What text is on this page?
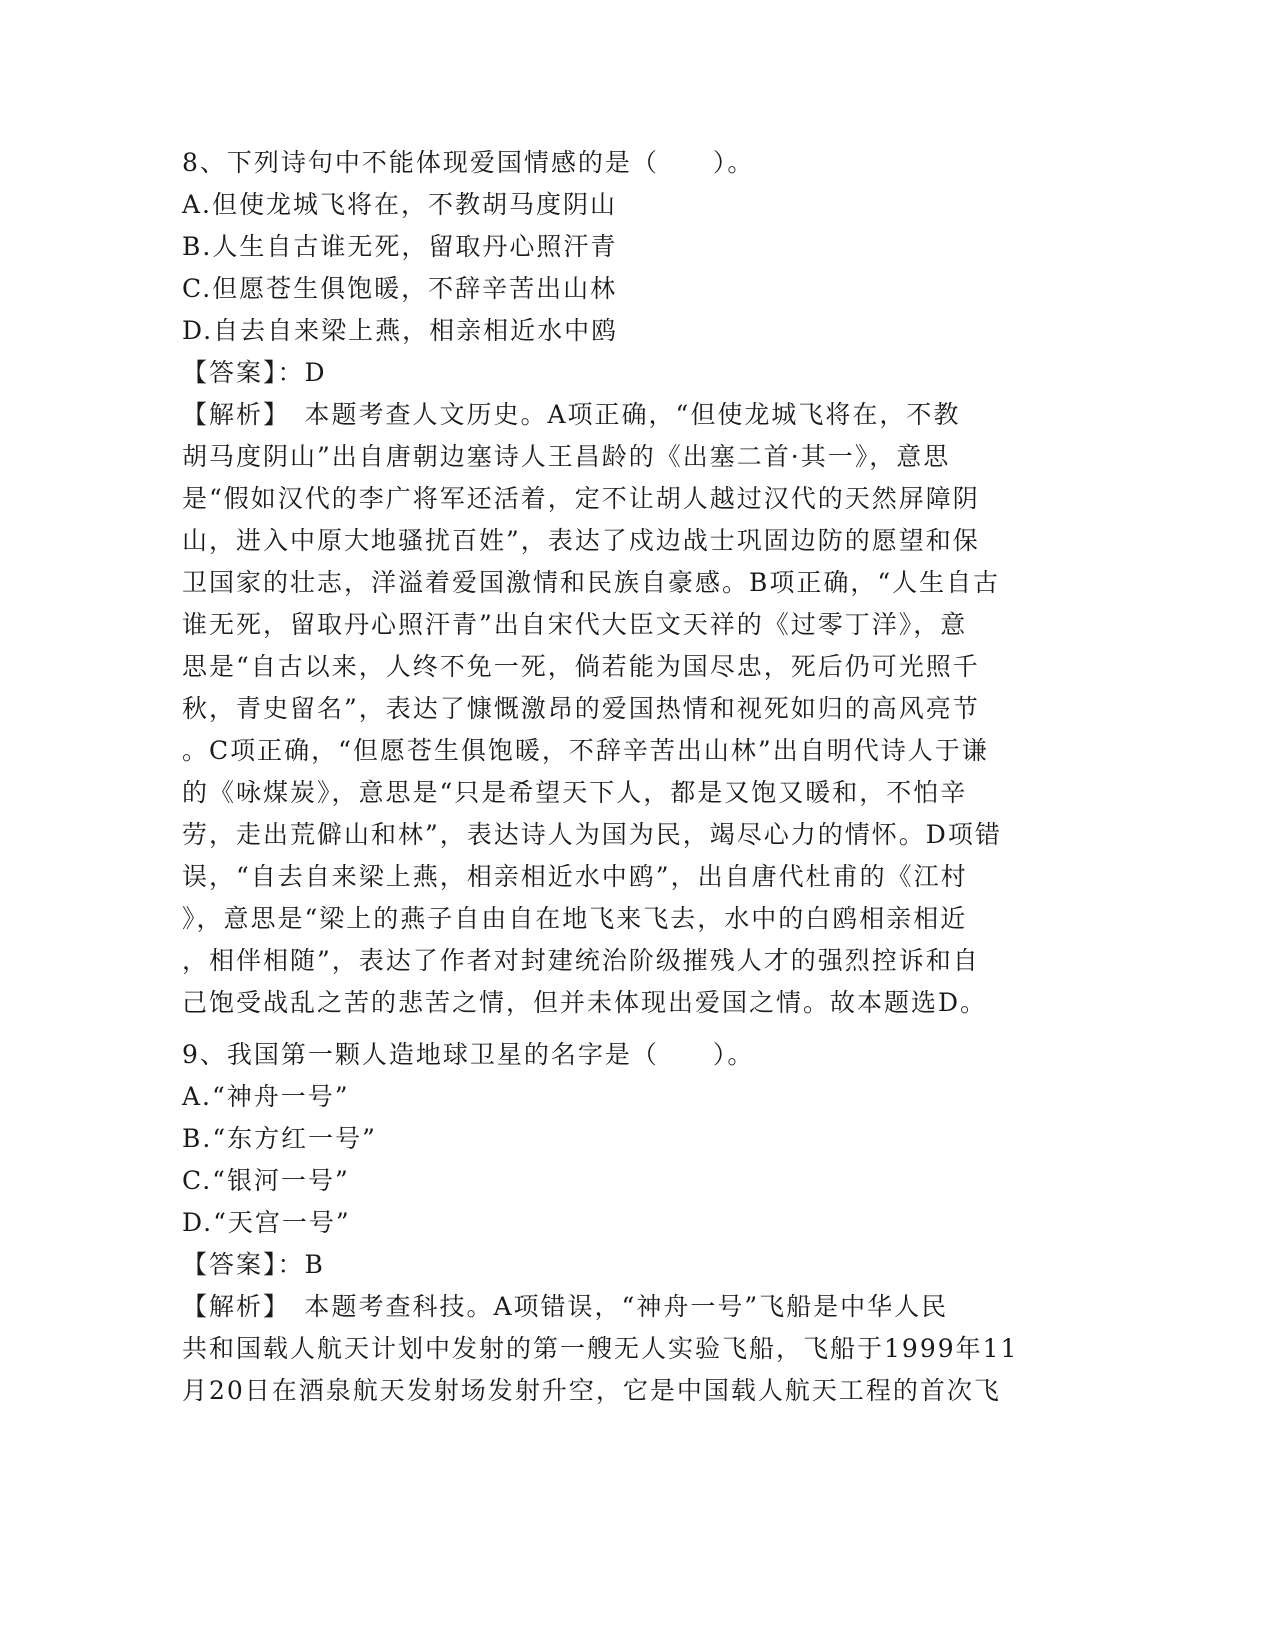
8、下列诗句中不能体现爱国情感的是（　　）。
A.但使龙城飞将在，不教胡马度阴山
B.人生自古谁无死，留取丹心照汗青
C.但愿苍生俱饱暖，不辞辛苦出山林
D.自去自来梁上燕，相亲相近水中鸥
【答案】：D
【解析】　本题考查人文历史。A项正确，“但使龙城飞将在，不教
胡马度阴山”出自唐朝边塞诗人王昌龄的《出塞二首·其一》，意思
是“假如汉代的李广将军还活着，定不让胡人越过汉代的天然屏障阴
山，进入中原大地骚扰百姓”，表达了戍边战士巩固边防的愿望和保
卫国家的壮志，洋溢着爱国激情和民族自豪感。B项正确，“人生自古
谁无死，留取丹心照汗青”出自宋代大臣文天祥的《过零丁洋》，意
思是“自古以来，人终不免一死，倘若能为国尽忠，死后仍可光照千
秋，青史留名”，表达了慷慨激昂的爱国热情和视死如归的高风亮节
。C项正确，“但愿苍生俱饱暖，不辞辛苦出山林”出自明代诗人于谦
的《咏煤炭》，意思是“只是希望天下人，都是又饱又暖和，不怕辛
劳，走出荒僻山和林”，表达诗人为国为民，竭尽心力的情怀。D项错
误，“自去自来梁上燕，相亲相近水中鸥”，出自唐代杜甫的《江村
》，意思是“梁上的燕子自由自在地飞来飞去，水中的白鸥相亲相近
，相伴相随”，表达了作者对封建统治阶级摧残人才的强烈控诉和自
己饱受战乱之苦的悲苦之情，但并未体现出爱国之情。故本题选D。
9、我国第一颗人造地球卫星的名字是（　　）。
A.“神舟一号”
B.“东方红一号”
C.“银河一号”
D.“天宫一号”
【答案】：B
【解析】　本题考查科技。A项错误，“神舟一号”飞船是中华人民
共和国载人航天计划中发射的第一艘无人实验飞船，飞船于1999年11
月20日在酒泉航天发射场发射升空，它是中国载人航天工程的首次飞
